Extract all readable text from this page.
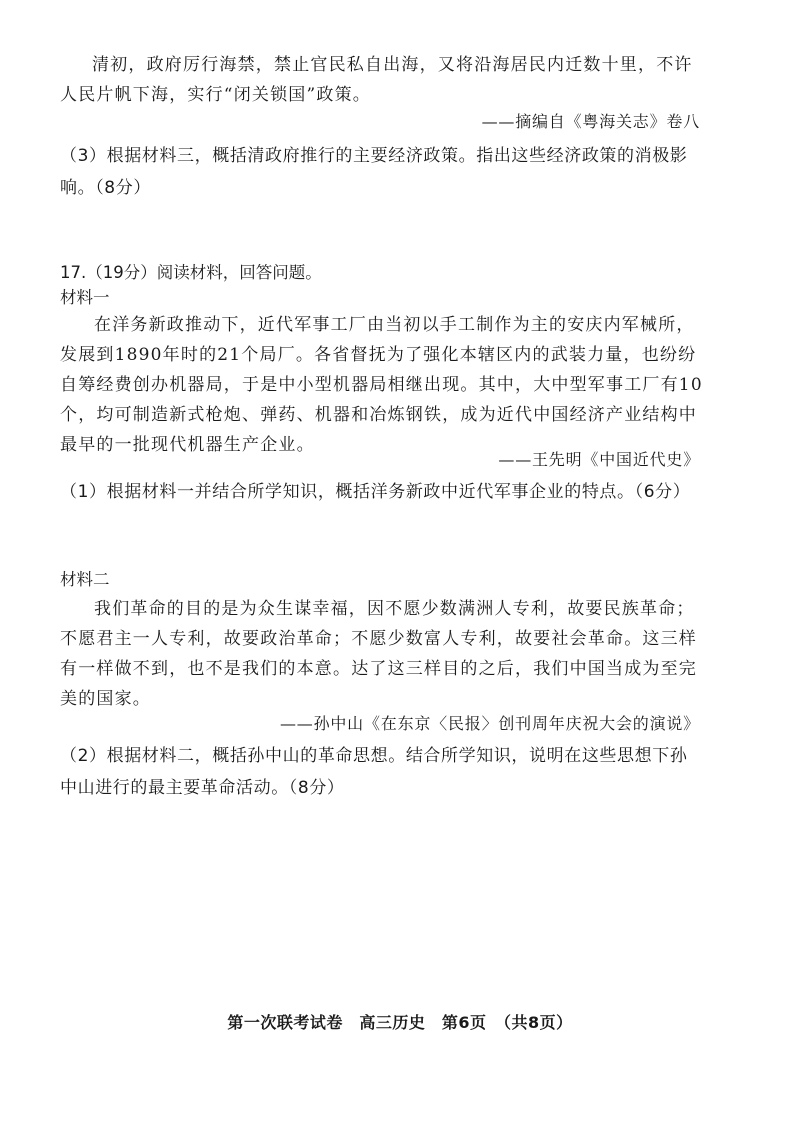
清初，政府厉行海禁，禁止官民私自出海，又将沿海居民内迁数十里，不许
人民片帆下海，实行“闭关锁国”政策。
——摘编自《粤海关志》卷八
（3）根据材料三，概括清政府推行的主要经济政策。指出这些经济政策的消极影
响。（8分）
17.（19分）阅读材料，回答问题。
材料一
在洋务新政推动下，近代军事工厂由当初以手工制作为主的安庆内军械所，
发展到1890年时的21个局厂。各省督抚为了强化本辖区内的武装力量，也纷纷
自筹经费创办机器局，于是中小型机器局相继出现。其中，大中型军事工厂有10
个，均可制造新式枪炮、弹药、机器和冶炼钢铁，成为近代中国经济产业结构中
最早的一批现代机器生产企业。
——王先明《中国近代史》
（1）根据材料一并结合所学知识，概括洋务新政中近代军事企业的特点。（6分）
材料二
我们革命的目的是为众生谋幸福，因不愿少数满洲人专利，故要民族革命；
不愿君主一人专利，故要政治革命；不愿少数富人专利，故要社会革命。这三样
有一样做不到，也不是我们的本意。达了这三样目的之后，我们中国当成为至完
美的国家。
——孙中山《在东京〈民报〉创刊周年庆祝大会的演说》
（2）根据材料二，概括孙中山的革命思想。结合所学知识，说明在这些思想下孙
中山进行的最主要革命活动。（8分）
第一次联考试卷　高三历史　第6页　（共8页）
